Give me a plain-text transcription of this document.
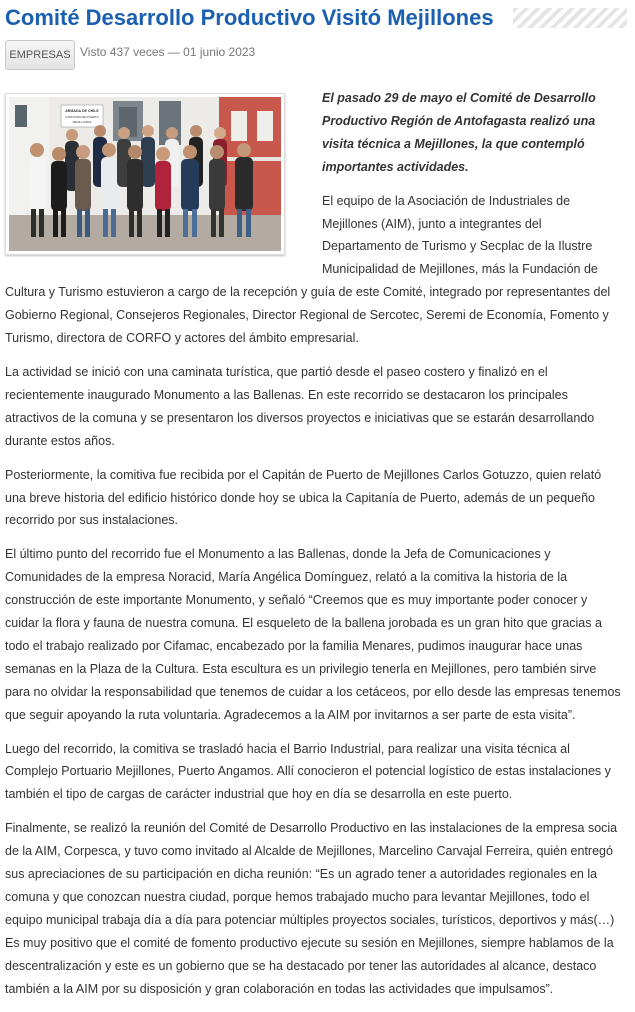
Comité Desarrollo Productivo Visitó Mejillones
EMPRESAS Visto 437 veces — 01 junio 2023
ARMADA DE CHILE
CAPITANÍA DE PUERTO
MEJILLONES

El pasado 29 de mayo el Comité de Desarrollo Productivo Región de Antofagasta realizó una visita técnica a Mejillones, la que contempló importantes actividades.

El equipo de la Asociación de Industriales de Mejillones (AIM), junto a integrantes del Departamento de Turismo y Secplac de la Ilustre Municipalidad de Mejillones, más la Fundación de Cultura y Turismo estuvieron a cargo de la recepción y guía de este Comité, integrado por representantes del Gobierno Regional, Consejeros Regionales, Director Regional de Sercotec, Seremi de Economía, Fomento y Turismo, directora de CORFO y actores del ámbito empresarial.

La actividad se inició con una caminata turística, que partió desde el paseo costero y finalizó en el recientemente inaugurado Monumento a las Ballenas. En este recorrido se destacaron los principales atractivos de la comuna y se presentaron los diversos proyectos e iniciativas que se estarán desarrollando durante estos años.

Posteriormente, la comitiva fue recibida por el Capitán de Puerto de Mejillones Carlos Gotuzzo, quien relató una breve historia del edificio histórico donde hoy se ubica la Capitanía de Puerto, además de un pequeño recorrido por sus instalaciones.

El último punto del recorrido fue el Monumento a las Ballenas, donde la Jefa de Comunicaciones y Comunidades de la empresa Noracid, María Angélica Domínguez, relató a la comitiva la historia de la construcción de este importante Monumento, y señaló “Creemos que es muy importante poder conocer y cuidar la flora y fauna de nuestra comuna. El esqueleto de la ballena jorobada es un gran hito que gracias a todo el trabajo realizado por Cifamac, encabezado por la familia Menares, pudimos inaugurar hace unas semanas en la Plaza de la Cultura. Esta escultura es un privilegio tenerla en Mejillones, pero también sirve para no olvidar la responsabilidad que tenemos de cuidar a los cetáceos, por ello desde las empresas tenemos que seguir apoyando la ruta voluntaria. Agradecemos a la AIM por invitarnos a ser parte de esta visita”.

Luego del recorrido, la comitiva se trasladó hacia el Barrio Industrial, para realizar una visita técnica al Complejo Portuario Mejillones, Puerto Angamos. Allí conocieron el potencial logístico de estas instalaciones y también el tipo de cargas de carácter industrial que hoy en día se desarrolla en este puerto.

Finalmente, se realizó la reunión del Comité de Desarrollo Productivo en las instalaciones de la empresa socia de la AIM, Corpesca, y tuvo como invitado al Alcalde de Mejillones, Marcelino Carvajal Ferreira, quién entregó sus apreciaciones de su participación en dicha reunión: “Es un agrado tener a autoridades regionales en la comuna y que conozcan nuestra ciudad, porque hemos trabajado mucho para levantar Mejillones, todo el equipo municipal trabaja día a día para potenciar múltiples proyectos sociales, turísticos, deportivos y más(…) Es muy positivo que el comité de fomento productivo ejecute su sesión en Mejillones, siempre hablamos de la descentralización y este es un gobierno que se ha destacado por tener las autoridades al alcance, destaco también a la AIM por su disposición y gran colaboración en todas las actividades que impulsamos”.
